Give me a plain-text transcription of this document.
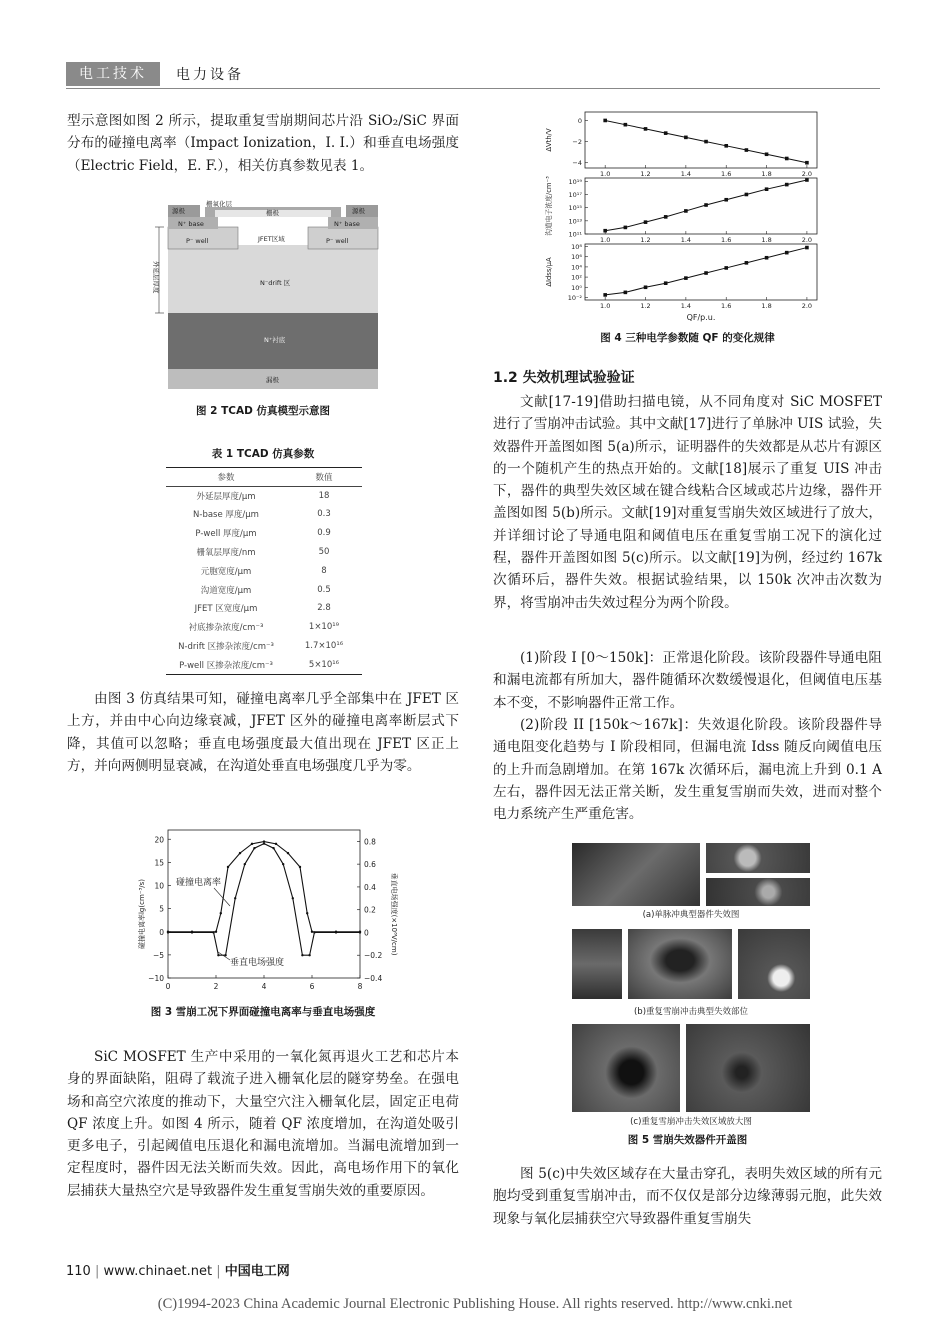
电工技术	电力设备
型示意图如图 2 所示，提取重复雪崩期间芯片沿 SiO₂/SiC 界面分布的碰撞电离率（Impact Ionization，I. I.）和垂直电场强度（Electric Field，E. F.），相关仿真参数见表 1。
源极
栅氧化层
栅极	源极
N⁺ base	N⁺ base
P⁻ well	P⁻ well
JFET区域
N⁻drift 区
N⁺衬底
漏极
外延层厚度
图 2 TCAD 仿真模型示意图
表 1 TCAD 仿真参数
参数	数值
外延层厚度/μm	18
N-base 厚度/μm	0.3
P-well 厚度/μm	0.9
栅氧层厚度/nm	50
元胞宽度/μm	8
沟道宽度/μm	0.5
JFET 区宽度/μm	2.8
衬底掺杂浓度/cm⁻³	1×10¹⁹
N-drift 区掺杂浓度/cm⁻³	1.7×10¹⁶
P-well 区掺杂浓度/cm⁻³	5×10¹⁶
由图 3 仿真结果可知，碰撞电离率几乎全部集中在 JFET 区上方，并由中心向边缘衰减，JFET 区外的碰撞电离率断层式下降，其值可以忽略；垂直电场强度最大值出现在 JFET 区正上方，并向两侧明显衰减，在沟道处垂直电场强度几乎为零。
20
15
10
5
0
−5
−10
0.8
0.6
0.4
0.2
0
−0.2
−0.4
0	2	4	6	8
碰撞电离率
垂直电场强度
碰撞电离率lg(cm⁻³/s)	垂直电场强度(×10⁶V/cm)
图 3 雪崩工况下界面碰撞电离率与垂直电场强度
SiC MOSFET 生产中采用的一氧化氮再退火工艺和芯片本身的界面缺陷，阻碍了载流子进入栅氧化层的隧穿势垒。在强电场和高空穴浓度的推动下，大量空穴注入栅氧化层，固定正电荷 QF 浓度上升。如图 4 所示，随着 QF 浓度增加，在沟道处吸引更多电子，引起阈值电压退化和漏电流增加。当漏电流增加到一定程度时，器件因无法关断而失效。因此，高电场作用下的氧化层捕获大量热空穴是导致器件发生重复雪崩失效的重要原因。
0
−2
−4
1.0	1.2	1.4	1.6	1.8	2.0
ΔVth/V
10¹⁹
10¹⁷
10¹⁵
10¹³
10¹¹
1.0	1.2	1.4	1.6	1.8	2.0
沟道电子浓度/cm⁻³
10⁸
10⁶
10⁴
10²
10⁰
10⁻²
1.0	1.2	1.4	1.6	1.8	2.0
ΔIdss/μA
QF/p.u.
图 4 三种电学参数随 QF 的变化规律
1.2 失效机理试验验证
文献[17-19]借助扫描电镜，从不同角度对 SiC MOSFET 进行了雪崩冲击试验。其中文献[17]进行了单脉冲 UIS 试验，失效器件开盖图如图 5(a)所示，证明器件的失效都是从芯片有源区的一个随机产生的热点开始的。文献[18]展示了重复 UIS 冲击下，器件的典型失效区域在键合线粘合区域或芯片边缘，器件开盖图如图 5(b)所示。文献[19]对重复雪崩失效区域进行了放大，并详细讨论了导通电阻和阈值电压在重复雪崩工况下的演化过程，器件开盖图如图 5(c)所示。以文献[19]为例，经过约 167k 次循环后，器件失效。根据试验结果，以 150k 次冲击次数为界，将雪崩冲击失效过程分为两个阶段。
(1)阶段 I [0～150k]：正常退化阶段。该阶段器件导通电阻和漏电流都有所加大，器件随循环次数缓慢退化，但阈值电压基本不变，不影响器件正常工作。
(2)阶段 II [150k～167k]：失效退化阶段。该阶段器件导通电阻变化趋势与 I 阶段相同，但漏电流 Idss 随反向阈值电压的上升而急剧增加。在第 167k 次循环后，漏电流上升到 0.1 A 左右，器件因无法正常关断，发生重复雪崩而失效，进而对整个电力系统产生严重危害。
(a)单脉冲典型器件失效图
(b)重复雪崩冲击典型失效部位
(c)重复雪崩冲击失效区域放大图
图 5 雪崩失效器件开盖图
图 5(c)中失效区域存在大量击穿孔，表明失效区域的所有元胞均受到重复雪崩冲击，而不仅仅是部分边缘薄弱元胞，此失效现象与氧化层捕获空穴导致器件重复雪崩失
110 | www.chinaet.net | 中国电工网
(C)1994-2023 China Academic Journal Electronic Publishing House. All rights reserved. http://www.cnki.net
